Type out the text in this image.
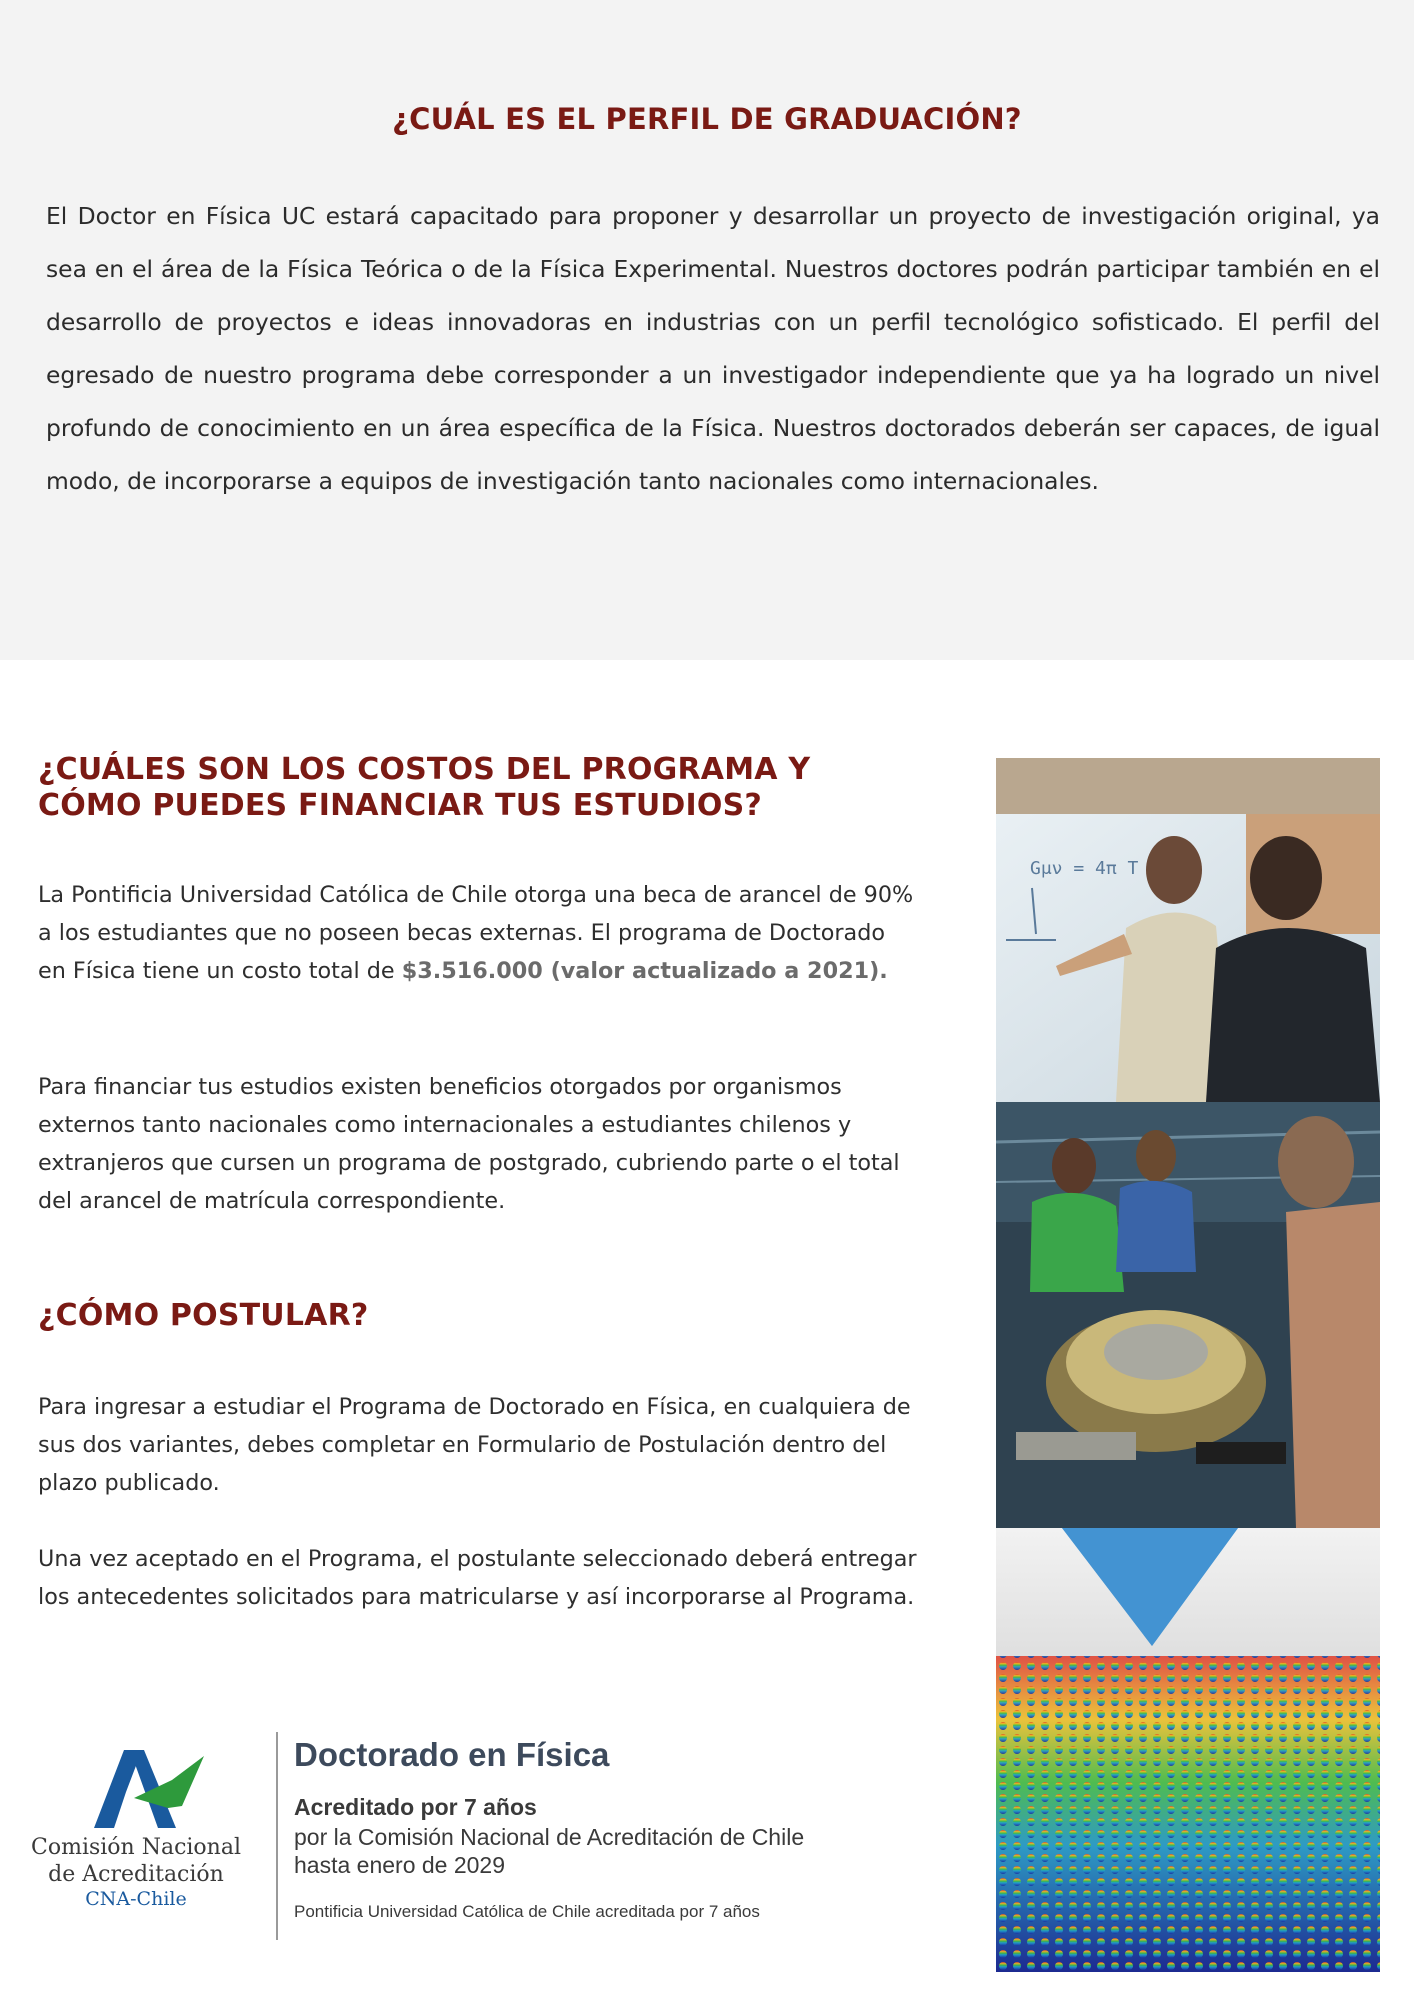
¿CUÁL ES EL PERFIL DE GRADUACIÓN?
El Doctor en Física UC estará capacitado para proponer y desarrollar un proyecto de investigación original, ya sea en el área de la Física Teórica o de la Física Experimental. Nuestros doctores podrán participar también en el desarrollo de proyectos e ideas innovadoras en industrias con un perfil tecnológico sofisticado. El perfil del egresado de nuestro programa debe corresponder a un investigador independiente que ya ha logrado un nivel profundo de conocimiento en un área específica de la Física. Nuestros doctorados deberán ser capaces, de igual modo, de incorporarse a equipos de investigación tanto nacionales como internacionales.
¿CUÁLES SON LOS COSTOS DEL PROGRAMA Y
CÓMO PUEDES FINANCIAR TUS ESTUDIOS?
La Pontificia Universidad Católica de Chile otorga una beca de arancel de 90% a los estudiantes que no poseen becas externas. El programa de Doctorado en Física tiene un costo total de $3.516.000 (valor actualizado a 2021).
Para financiar tus estudios existen beneficios otorgados por organismos externos tanto nacionales como internacionales a estudiantes chilenos y extranjeros que cursen un programa de postgrado, cubriendo parte o el total del arancel de matrícula correspondiente.
¿CÓMO POSTULAR?
Para ingresar a estudiar el Programa de Doctorado en Física, en cualquiera de sus dos variantes, debes completar en Formulario de Postulación dentro del plazo publicado.
Una vez aceptado en el Programa, el postulante seleccionado deberá entregar los antecedentes solicitados para matricularse y así incorporarse al Programa.
Comisión Nacional
de Acreditación
CNA-Chile
Doctorado en Física
Acreditado por 7 años
por la Comisión Nacional de Acreditación de Chile
hasta enero de 2029
Pontificia Universidad Católica de Chile acreditada por 7 años
Gμν = 4π T
